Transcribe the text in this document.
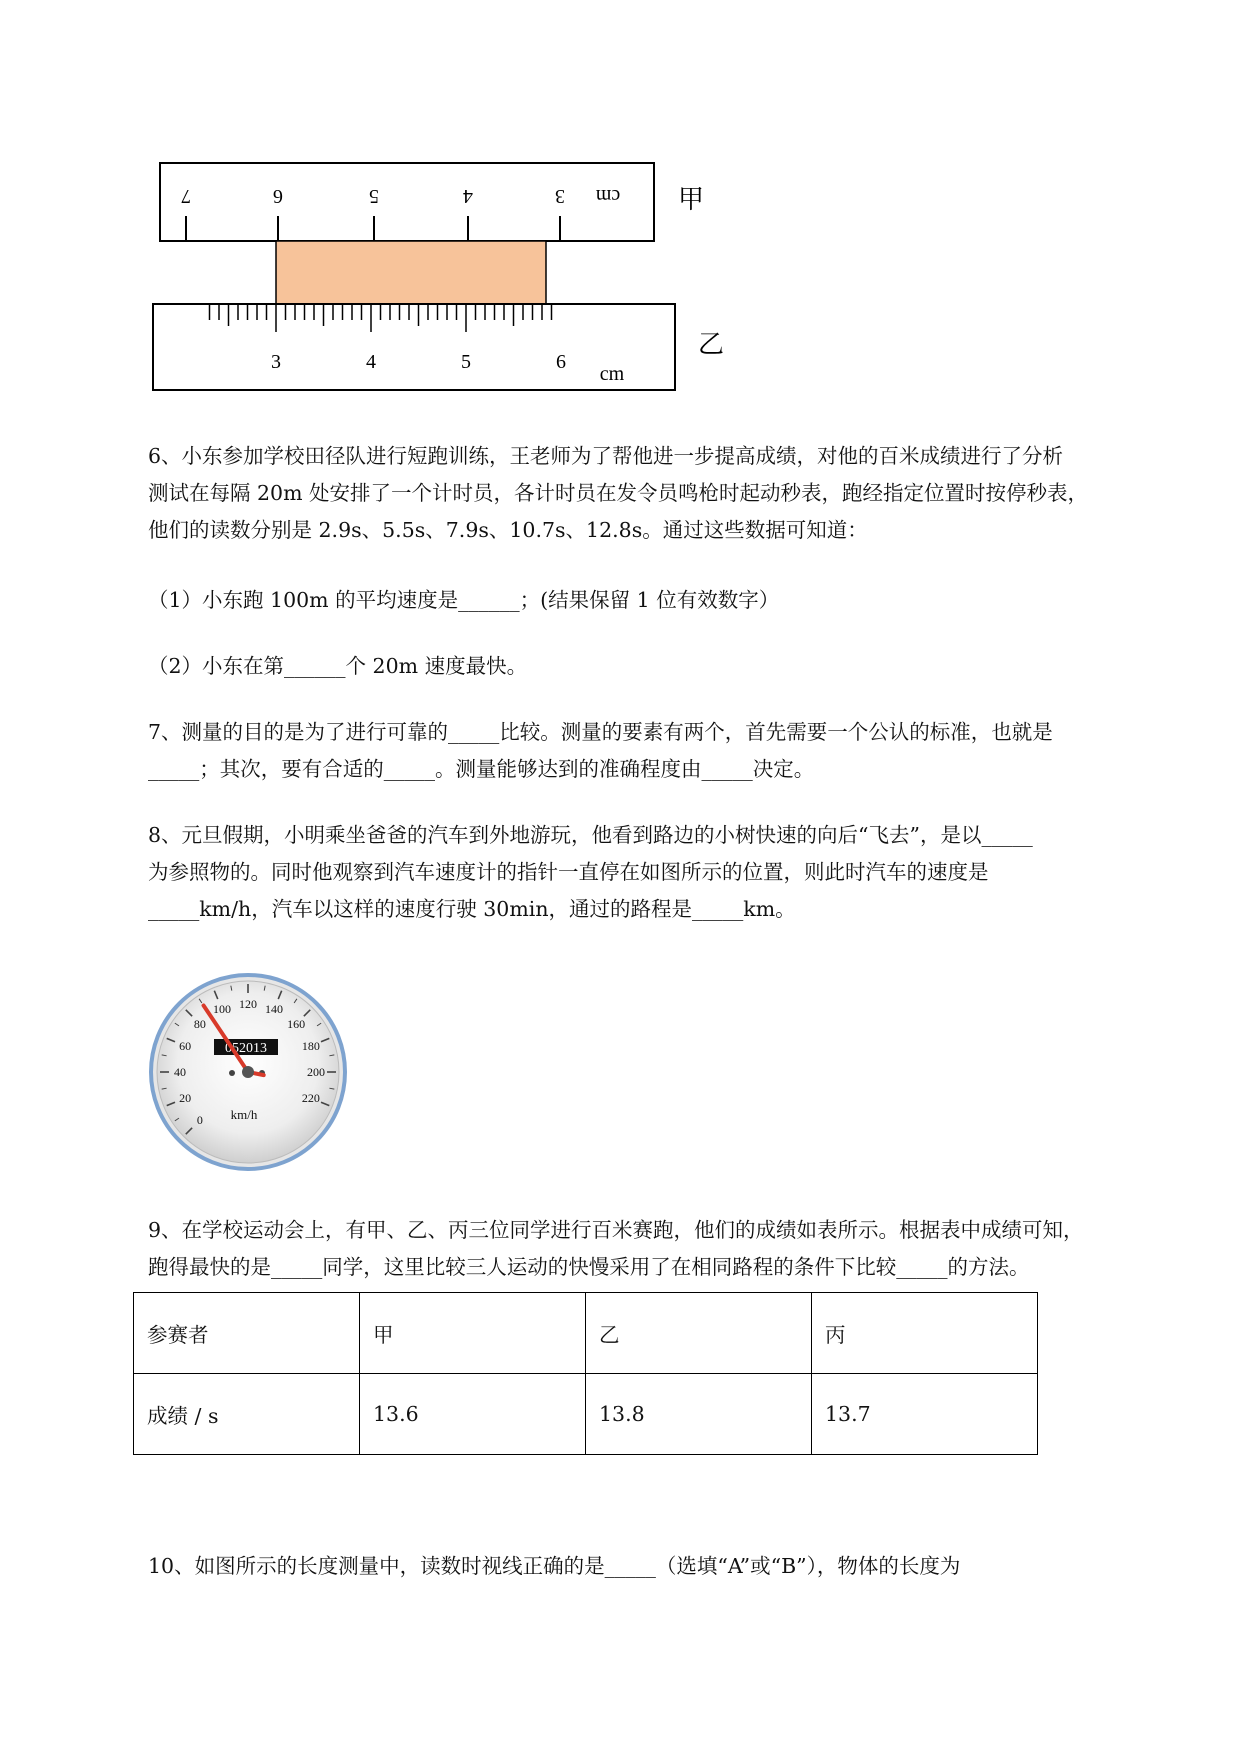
7	6	5	4	3 cm 甲
3	4	5	6
cm
乙

6、小东参加学校田径队进行短跑训练，王老师为了帮他进一步提高成绩，对他的百米成绩进行了分析
测试在每隔 20m 处安排了一个计时员，各计时员在发令员鸣枪时起动秒表，跑经指定位置时按停秒表，
他们的读数分别是 2.9s、5.5s、7.9s、10.7s、12.8s。通过这些数据可知道：

（1）小东跑 100m 的平均速度是______；(结果保留 1 位有效数字）

（2）小东在第______个 20m 速度最快。

7、测量的目的是为了进行可靠的_____比较。测量的要素有两个，首先需要一个公认的标准，也就是
_____；其次，要有合适的_____。测量能够达到的准确程度由_____决定。

8、元旦假期，小明乘坐爸爸的汽车到外地游玩，他看到路边的小树快速的向后“飞去”，是以_____
为参照物的。同时他观察到汽车速度计的指针一直停在如图所示的位置，则此时汽车的速度是
_____km/h，汽车以这样的速度行驶 30min，通过的路程是_____km。

0
20
40
60
80
100 120 140
160
180
200
220
052013
km/h

9、在学校运动会上，有甲、乙、丙三位同学进行百米赛跑，他们的成绩如表所示。根据表中成绩可知，
跑得最快的是_____同学，这里比较三人运动的快慢采用了在相同路程的条件下比较_____的方法。

参赛者	甲	乙	丙
成绩 / s	13.6	13.8	13.7

10、如图所示的长度测量中，读数时视线正确的是_____（选填“A”或“B”），物体的长度为
